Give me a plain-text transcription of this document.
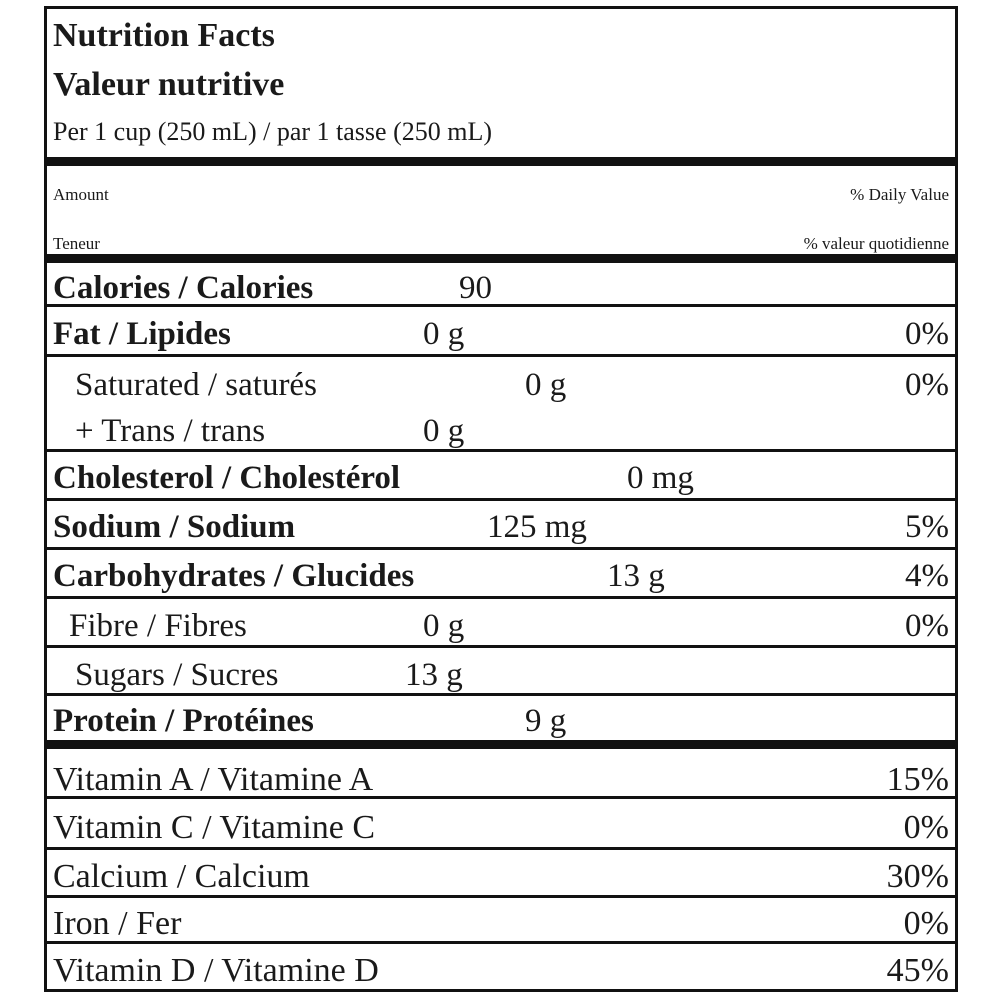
Nutrition Facts
Valeur nutritive
Per 1 cup (250 mL) / par 1 tasse (250 mL)
Amount	% Daily Value
Teneur	% valeur quotidienne
Calories / Calories	90
Fat / Lipides	0 g	0%
Saturated / saturés	0 g	0%
+ Trans / trans	0 g
Cholesterol / Cholestérol	0 mg
Sodium / Sodium	125 mg	5%
Carbohydrates / Glucides	13 g	4%
Fibre / Fibres	0 g	0%
Sugars / Sucres	13 g
Protein / Protéines	9 g
Vitamin A / Vitamine A	15%
Vitamin C / Vitamine C	0%
Calcium / Calcium	30%
Iron / Fer	0%
Vitamin D / Vitamine D	45%
